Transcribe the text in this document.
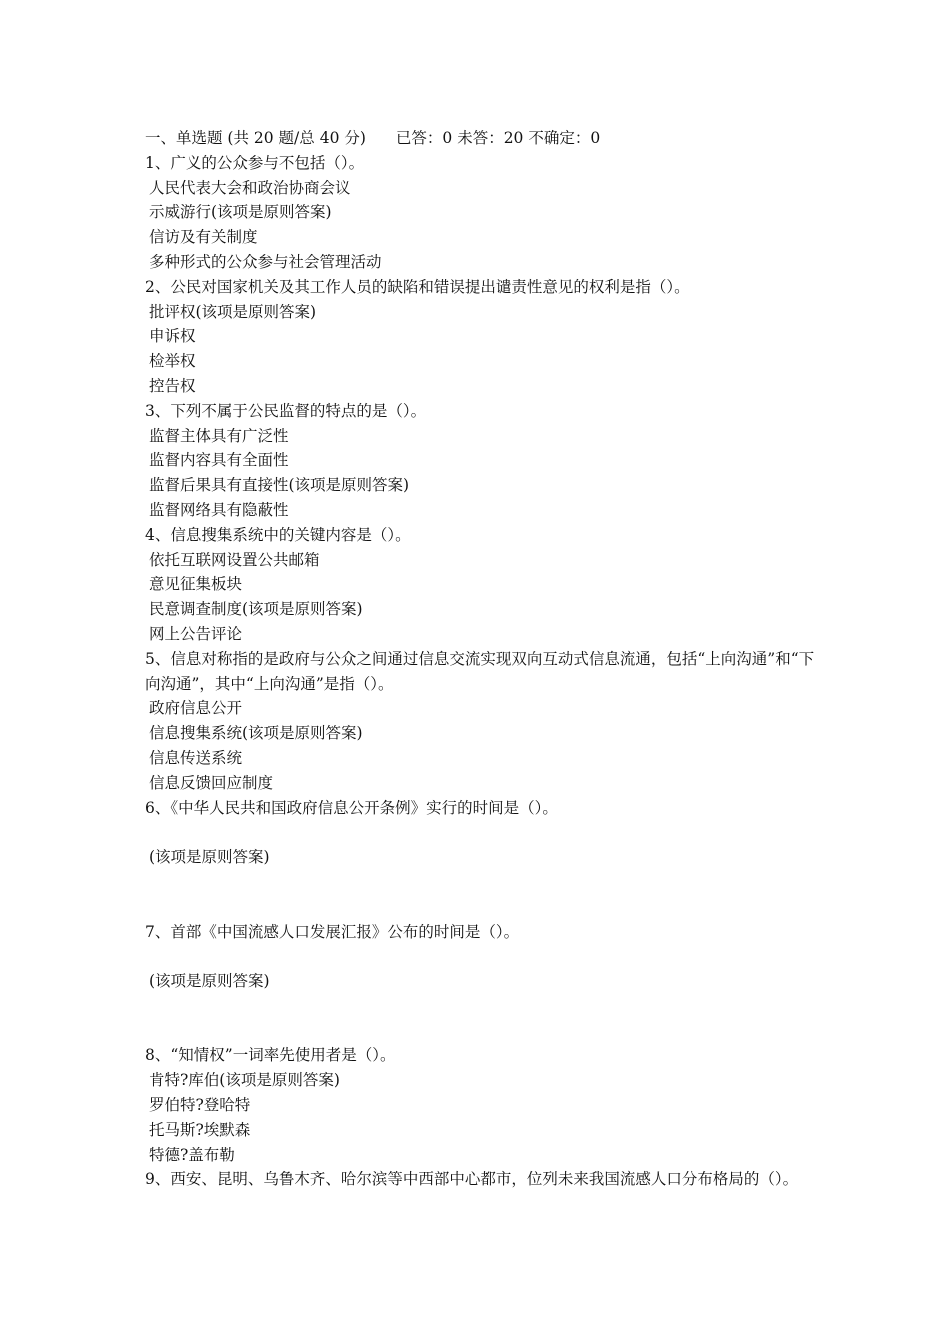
一、单选题 (共 20 题/总 40 分) 已答：0 未答：20 不确定：0
1、广义的公众参与不包括（）。
人民代表大会和政治协商会议
示威游行(该项是原则答案)
信访及有关制度
多种形式的公众参与社会管理活动
2、公民对国家机关及其工作人员的缺陷和错误提出谴责性意见的权利是指（）。
批评权(该项是原则答案)
申诉权
检举权
控告权
3、下列不属于公民监督的特点的是（）。
监督主体具有广泛性
监督内容具有全面性
监督后果具有直接性(该项是原则答案)
监督网络具有隐蔽性
4、信息搜集系统中的关键内容是（）。
依托互联网设置公共邮箱
意见征集板块
民意调查制度(该项是原则答案)
网上公告评论
5、信息对称指的是政府与公众之间通过信息交流实现双向互动式信息流通，包括“上向沟通”和“下向沟通”，其中“上向沟通”是指（）。
政府信息公开
信息搜集系统(该项是原则答案)
信息传送系统
信息反馈回应制度
6、《中华人民共和国政府信息公开条例》实行的时间是（）。
(该项是原则答案)
7、首部《中国流感人口发展汇报》公布的时间是（）。
(该项是原则答案)
8、“知情权”一词率先使用者是（）。
肯特?库伯(该项是原则答案)
罗伯特?登哈特
托马斯?埃默森
特德?盖布勒
9、西安、昆明、乌鲁木齐、哈尔滨等中西部中心都市，位列未来我国流感人口分布格局的（）。
